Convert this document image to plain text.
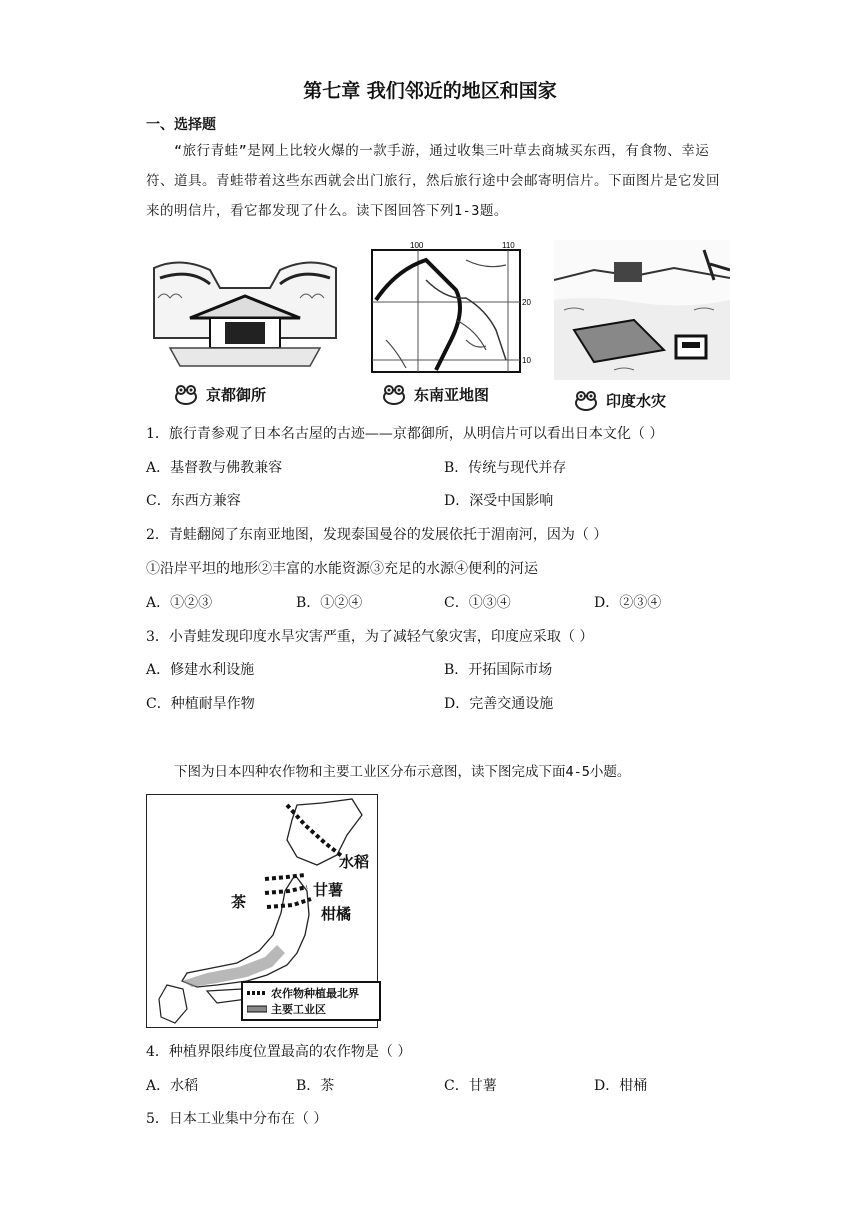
第七章 我们邻近的地区和国家
一、选择题
“旅行青蛙”是网上比较火爆的一款手游，通过收集三叶草去商城买东西，有食物、幸运符、道具。青蛙带着这些东西就会出门旅行，然后旅行途中会邮寄明信片。下面图片是它发回来的明信片，看它都发现了什么。读下图回答下列1-3题。
京都御所
100	110
20
10
东南亚地图	印度水灾
1．旅行青参观了日本名古屋的古迹——京都御所，从明信片可以看出日本文化（ ）
A．基督教与佛教兼容	B．传统与现代并存
C．东西方兼容	D．深受中国影响
2．青蛙翻阅了东南亚地图，发现泰国曼谷的发展依托于湄南河，因为（ ）
①沿岸平坦的地形②丰富的水能资源③充足的水源④便利的河运
A．①②③	B．①②④	C．①③④	D．②③④
3．小青蛙发现印度水旱灾害严重，为了减轻气象灾害，印度应采取（ ）
A．修建水利设施	B．开拓国际市场
C．种植耐旱作物	D．完善交通设施
下图为日本四种农作物和主要工业区分布示意图，读下图完成下面4-5小题。
水稻
茶
甘薯
柑橘
农作物种植最北界
主要工业区
4．种植界限纬度位置最高的农作物是（ ）
A．水稻	B．茶	C．甘薯	D．柑桶
5．日本工业集中分布在（ ）
